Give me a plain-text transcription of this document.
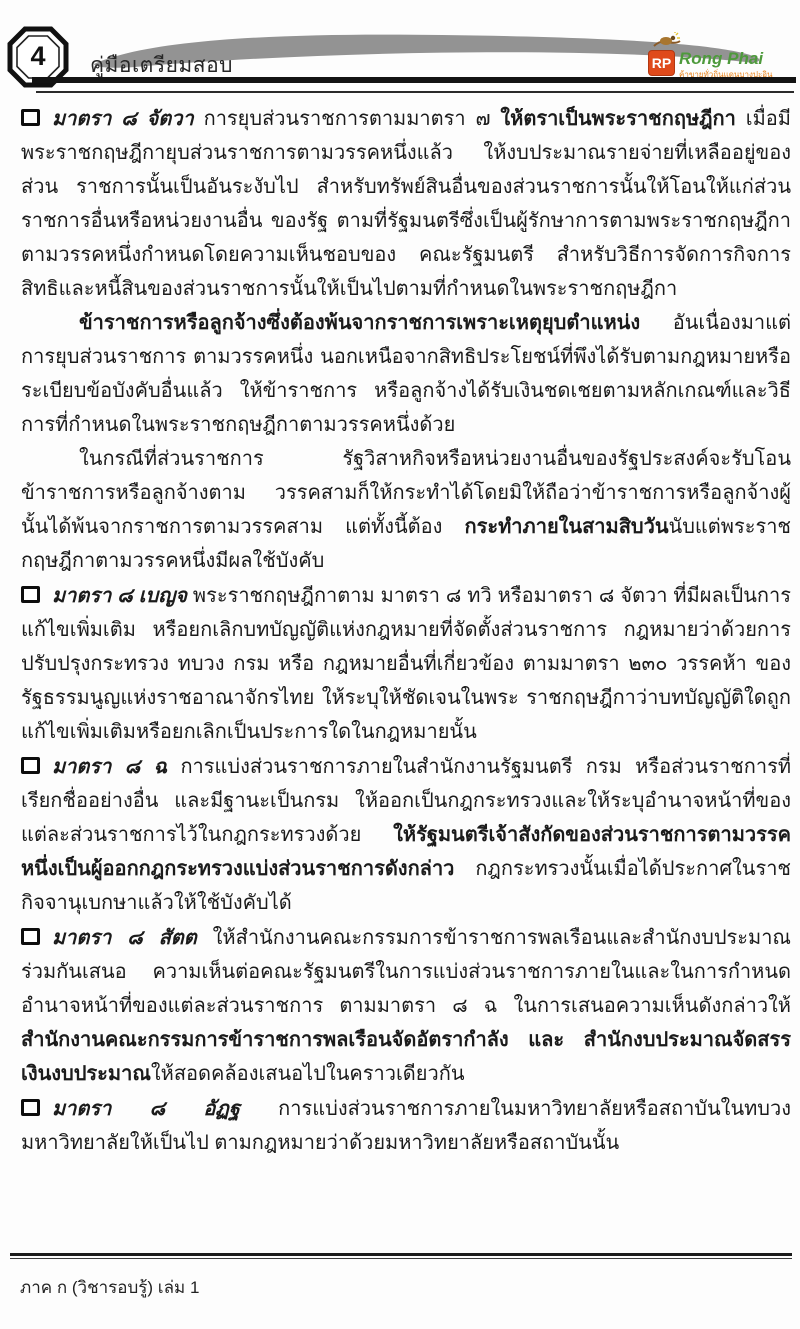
4 คู่มือเตรียมสอบ	RP Rong Phai
ค้าขายทั่วถิ่นแดนบางปะอิน

มาตรา ๘ จัตวา การยุบส่วนราชการตามมาตรา ๗ ให้ตราเป็นพระราชกฤษฎีกา เมื่อมีพระราชกฤษฎีกายุบส่วนราชการตามวรรคหนึ่งแล้ว ให้งบประมาณรายจ่ายที่เหลืออยู่ของส่วน ราชการนั้นเป็นอันระงับไป สำหรับทรัพย์สินอื่นของส่วนราชการนั้นให้โอนให้แก่ส่วนราชการอื่นหรือหน่วยงานอื่น ของรัฐ ตามที่รัฐมนตรีซึ่งเป็นผู้รักษาการตามพระราชกฤษฎีกาตามวรรคหนึ่งกำหนดโดยความเห็นชอบของ คณะรัฐมนตรี สำหรับวิธีการจัดการกิจการ สิทธิและหนี้สินของส่วนราชการนั้นให้เป็นไปตามที่กำหนดในพระราชกฤษฎีกา

ข้าราชการหรือลูกจ้างซึ่งต้องพ้นจากราชการเพราะเหตุยุบตำแหน่ง อันเนื่องมาแต่การยุบส่วนราชการ ตามวรรคหนึ่ง นอกเหนือจากสิทธิประโยชน์ที่พึงได้รับตามกฎหมายหรือระเบียบข้อบังคับอื่นแล้ว ให้ข้าราชการ หรือลูกจ้างได้รับเงินชดเชยตามหลักเกณฑ์และวิธีการที่กำหนดในพระราชกฤษฎีกาตามวรรคหนึ่งด้วย

ในกรณีที่ส่วนราชการ รัฐวิสาหกิจหรือหน่วยงานอื่นของรัฐประสงค์จะรับโอนข้าราชการหรือลูกจ้างตาม วรรคสามก็ให้กระทำได้โดยมิให้ถือว่าข้าราชการหรือลูกจ้างผู้นั้นได้พ้นจากราชการตามวรรคสาม แต่ทั้งนี้ต้อง กระทำภายในสามสิบวันนับแต่พระราชกฤษฎีกาตามวรรคหนึ่งมีผลใช้บังคับ

มาตรา ๘ เบญจ พระราชกฤษฎีกาตาม มาตรา ๘ ทวิ หรือมาตรา ๘ จัตวา ที่มีผลเป็นการแก้ไขเพิ่มเติม หรือยกเลิกบทบัญญัติแห่งกฎหมายที่จัดตั้งส่วนราชการ กฎหมายว่าด้วยการปรับปรุงกระทรวง ทบวง กรม หรือ กฎหมายอื่นที่เกี่ยวข้อง ตามมาตรา ๒๓๐ วรรคห้า ของรัฐธรรมนูญแห่งราชอาณาจักรไทย ให้ระบุให้ชัดเจนในพระ ราชกฤษฎีกาว่าบทบัญญัติใดถูกแก้ไขเพิ่มเติมหรือยกเลิกเป็นประการใดในกฎหมายนั้น

มาตรา ๘ ฉ การแบ่งส่วนราชการภายในสำนักงานรัฐมนตรี กรม หรือส่วนราชการที่เรียกชื่ออย่างอื่น และมีฐานะเป็นกรม ให้ออกเป็นกฎกระทรวงและให้ระบุอำนาจหน้าที่ของแต่ละส่วนราชการไว้ในกฎกระทรวงด้วย ให้รัฐมนตรีเจ้าสังกัดของส่วนราชการตามวรรคหนึ่งเป็นผู้ออกกฎกระทรวงแบ่งส่วนราชการดังกล่าว กฎกระทรวงนั้นเมื่อได้ประกาศในราชกิจจานุเบกษาแล้วให้ใช้บังคับได้

มาตรา ๘ สัตต ให้สำนักงานคณะกรรมการข้าราชการพลเรือนและสำนักงบประมาณร่วมกันเสนอ ความเห็นต่อคณะรัฐมนตรีในการแบ่งส่วนราชการภายในและในการกำหนดอำนาจหน้าที่ของแต่ละส่วนราชการ ตามมาตรา ๘ ฉ ในการเสนอความเห็นดังกล่าวให้สำนักงานคณะกรรมการข้าราชการพลเรือนจัดอัตรากำลัง และ สำนักงบประมาณจัดสรรเงินงบประมาณให้สอดคล้องเสนอไปในคราวเดียวกัน

มาตรา ๘ อัฏฐ การแบ่งส่วนราชการภายในมหาวิทยาลัยหรือสถาบันในทบวงมหาวิทยาลัยให้เป็นไป ตามกฎหมายว่าด้วยมหาวิทยาลัยหรือสถาบันนั้น

ภาค ก (วิชารอบรู้) เล่ม 1
